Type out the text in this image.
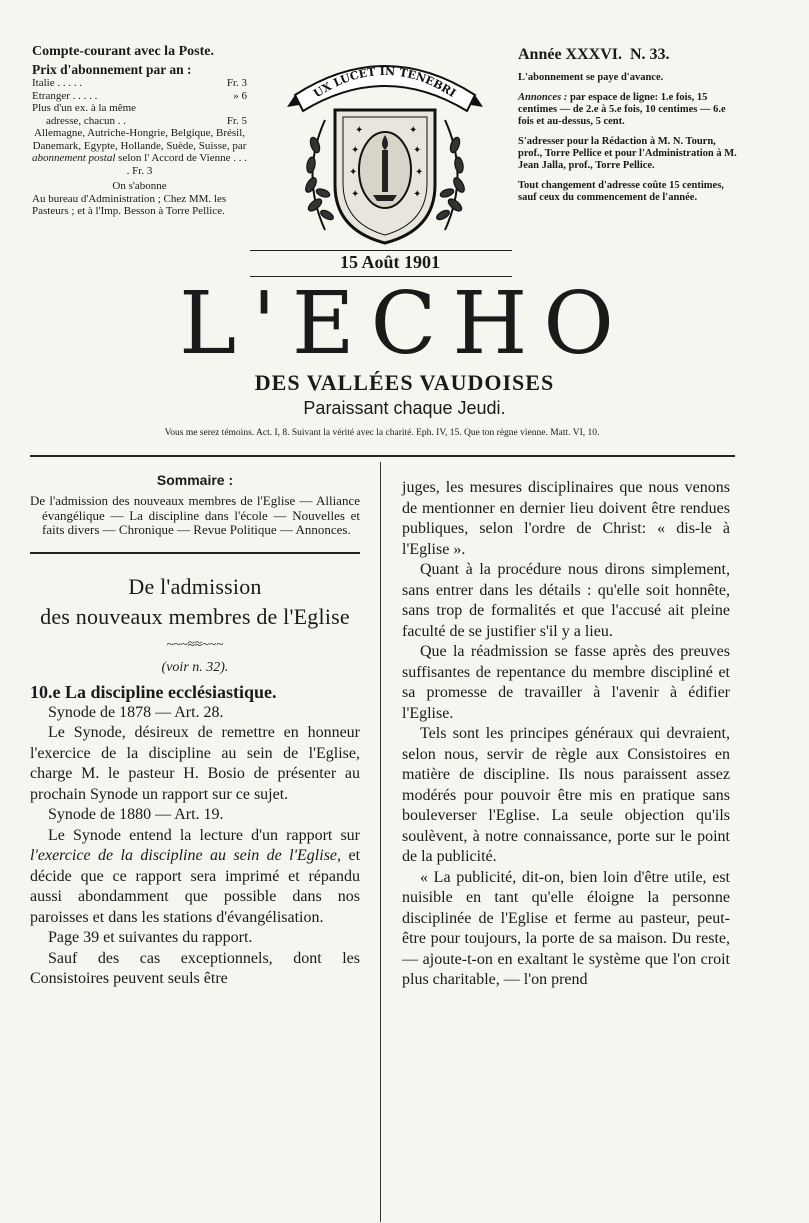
Compte-courant avec la Poste.
Prix d'abonnement par an :
Italie . . . . .	Fr. 3
Etranger . . . . .	» 6
Plus d'un ex. à la même
adresse, chacun . .	Fr. 5
Allemagne, Autriche-Hongrie, Belgique, Brésil, Danemark, Egypte, Hollande, Suède, Suisse, par abonnement postal selon l' Accord de Vienne . . . . Fr. 3
On s'abonne
Au bureau d'Administration ; Chez MM. les Pasteurs ; et à l'Imp. Besson à Torre Pellice.
UX LUCET IN TENEBRI
✦	✦
✦	✦
✦	✦
✦	✦
15 Août 1901
Année XXXVI. N. 33.

L'abonnement se paye d'avance.

Annonces : par espace de ligne: 1.e fois, 15 centimes — de 2.e à 5.e fois, 10 centimes — 6.e fois et au-dessus, 5 cent.

S'adresser pour la Rédaction à M. N. Tourn, prof., Torre Pellice et pour l'Administration à M. Jean Jalla, prof., Torre Pellice.

Tout changement d'adresse coûte 15 centimes, sauf ceux du commencement de l'année.

L'ECHO
DES VALLÉES VAUDOISES
Paraissant chaque Jeudi.
Vous me serez témoins. Act. I, 8. Suivant la vérité avec la charité. Eph. IV, 15. Que ton règne vienne. Matt. VI, 10.
Sommaire :
De l'admission des nouveaux membres de l'Eglise — Alliance évangélique — La discipline dans l'école — Nouvelles et faits divers — Chronique — Revue Politique — Annonces.
De l'admission
des nouveaux membres de l'Eglise
~~~≈≈~~~
(voir n. 32).
10.e La discipline ecclésiastique.

Synode de 1878 — Art. 28.

Le Synode, désireux de remettre en honneur l'exercice de la discipline au sein de l'Eglise, charge M. le pasteur H. Bosio de présenter au prochain Synode un rapport sur ce sujet.

Synode de 1880 — Art. 19.

Le Synode entend la lecture d'un rapport sur l'exercice de la discipline au sein de l'Eglise, et décide que ce rapport sera imprimé et répandu aussi abondamment que possible dans nos paroisses et dans les stations d'évangélisation.

Page 39 et suivantes du rapport.

Sauf des cas exceptionnels, dont les Consistoires peuvent seuls être

juges, les mesures disciplinaires que nous venons de mentionner en dernier lieu doivent être rendues publiques, selon l'ordre de Christ: « dis-le à l'Eglise ».

Quant à la procédure nous dirons simplement, sans entrer dans les détails : qu'elle soit honnête, sans trop de formalités et que l'accusé ait pleine faculté de se justifier s'il y a lieu.

Que la réadmission se fasse après des preuves suffisantes de repentance du membre discipliné et sa promesse de travailler à l'avenir à édifier l'Eglise.

Tels sont les principes généraux qui devraient, selon nous, servir de règle aux Consistoires en matière de discipline. Ils nous paraissent assez modérés pour pouvoir être mis en pratique sans bouleverser l'Eglise. La seule objection qu'ils soulèvent, à notre connaissance, porte sur le point de la publicité.

« La publicité, dit-on, bien loin d'être utile, est nuisible en tant qu'elle éloigne la personne disciplinée de l'Eglise et ferme au pasteur, peut-être pour toujours, la porte de sa maison. Du reste, — ajoute-t-on en exaltant le système que l'on croit plus charitable, — l'on prend
